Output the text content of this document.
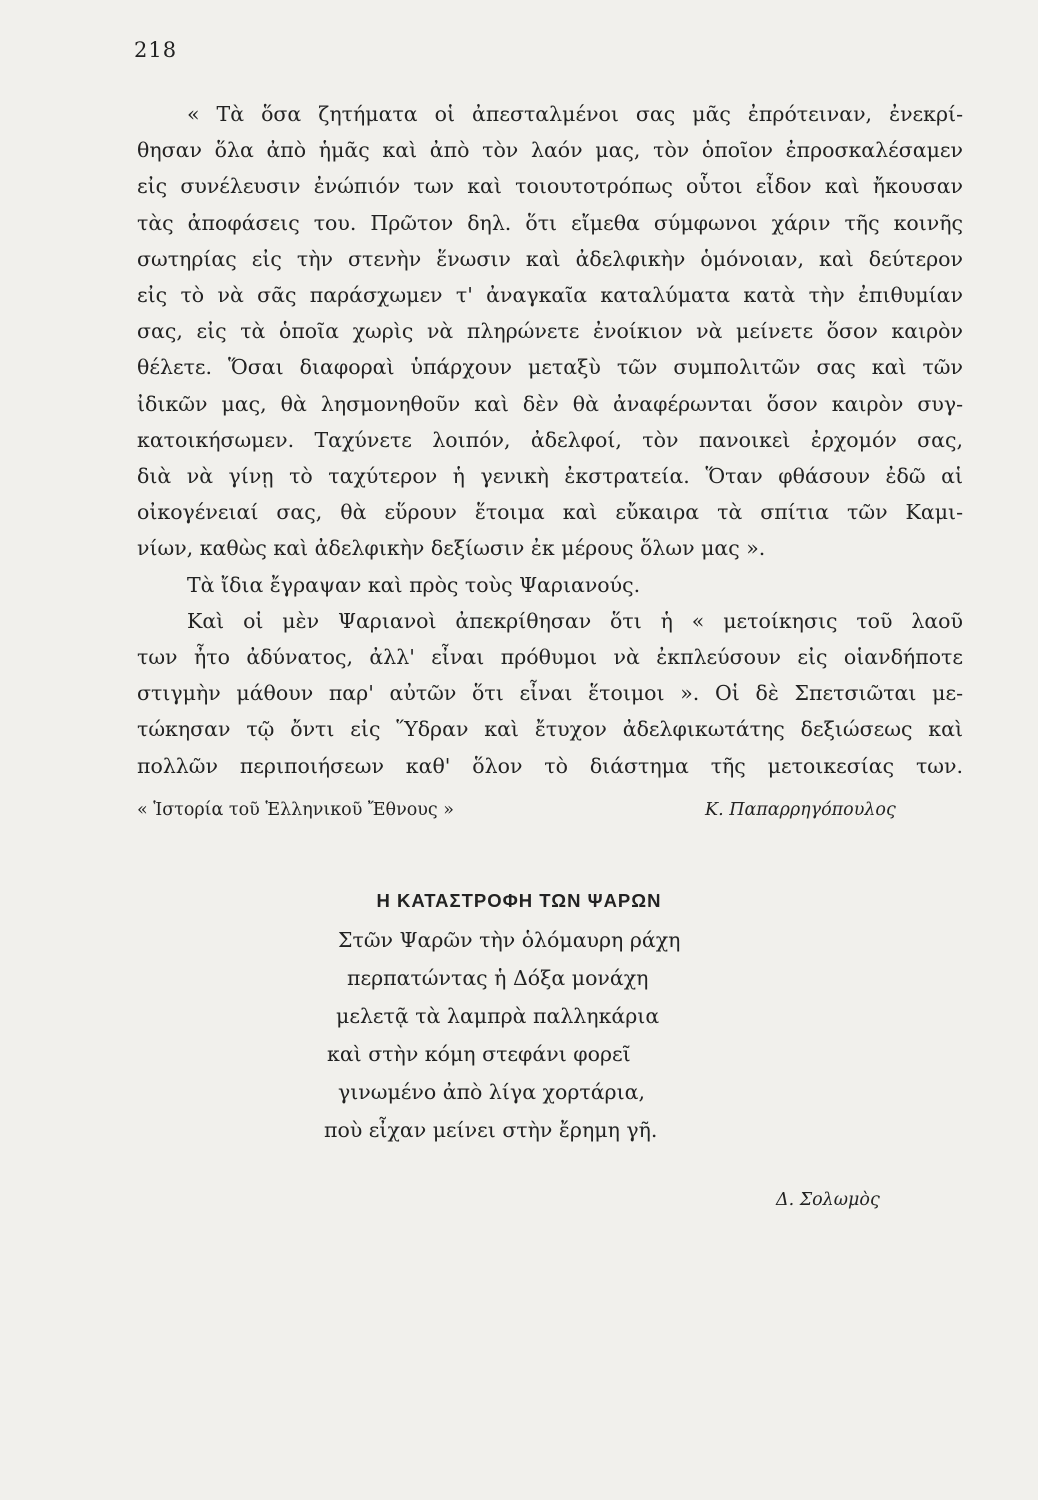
218
« Τὰ ὅσα ζητήματα οἱ ἀπεσταλμένοι σας μᾶς ἐπρότειναν, ἐνεκρί-
θησαν ὅλα ἀπὸ ἡμᾶς καὶ ἀπὸ τὸν λαόν μας, τὸν ὁποῖον ἐπροσκαλέσαμεν
εἰς συνέλευσιν ἐνώπιόν των καὶ τοιουτοτρόπως οὗτοι εἶδον καὶ ἤκουσαν
τὰς ἀποφάσεις του. Πρῶτον δηλ. ὅτι εἴμεθα σύμφωνοι χάριν τῆς κοινῆς
σωτηρίας εἰς τὴν στενὴν ἕνωσιν καὶ ἀδελφικὴν ὁμόνοιαν, καὶ δεύτερον
εἰς τὸ νὰ σᾶς παράσχωμεν τ' ἀναγκαῖα καταλύματα κατὰ τὴν ἐπιθυμίαν
σας, εἰς τὰ ὁποῖα χωρὶς νὰ πληρώνετε ἐνοίκιον νὰ μείνετε ὅσον καιρὸν
θέλετε. Ὅσαι διαφοραὶ ὑπάρχουν μεταξὺ τῶν συμπολιτῶν σας καὶ τῶν
ἰδικῶν μας, θὰ λησμονηθοῦν καὶ δὲν θὰ ἀναφέρωνται ὅσον καιρὸν συγ-
κατοικήσωμεν. Ταχύνετε λοιπόν, ἀδελφοί, τὸν πανοικεὶ ἐρχομόν σας,
διὰ νὰ γίνῃ τὸ ταχύτερον ἡ γενικὴ ἐκστρατεία. Ὅταν φθάσουν ἐδῶ αἱ
οἰκογένειαί σας, θὰ εὕρουν ἕτοιμα καὶ εὔκαιρα τὰ σπίτια τῶν Καμι-
νίων, καθὼς καὶ ἀδελφικὴν δεξίωσιν ἐκ μέρους ὅλων μας ».
Τὰ ἴδια ἔγραψαν καὶ πρὸς τοὺς Ψαριανούς.
Καὶ οἱ μὲν Ψαριανοὶ ἀπεκρίθησαν ὅτι ἡ « μετοίκησις τοῦ λαοῦ
των ἦτο ἀδύνατος, ἀλλ' εἶναι πρόθυμοι νὰ ἐκπλεύσουν εἰς οἱανδήποτε
στιγμὴν μάθουν παρ' αὐτῶν ὅτι εἶναι ἕτοιμοι ». Οἱ δὲ Σπετσιῶται με-
τώκησαν τῷ ὄντι εἰς Ὕδραν καὶ ἔτυχον ἀδελφικωτάτης δεξιώσεως καὶ
πολλῶν περιποιήσεων καθ' ὅλον τὸ διάστημα τῆς μετοικεσίας των.
« Ἱστορία τοῦ Ἑλληνικοῦ Ἔθνους »	Κ. Παπαρρηγόπουλος
Η ΚΑΤΑΣΤΡΟΦΗ ΤΩΝ ΨΑΡΩΝ
Στῶν Ψαρῶν τὴν ὁλόμαυρη ράχη
περπατώντας ἡ Δόξα μονάχη
μελετᾷ τὰ λαμπρὰ παλληκάρια
καὶ στὴν κόμη στεφάνι φορεῖ
γινωμένο ἀπὸ λίγα χορτάρια,
ποὺ εἶχαν μείνει στὴν ἔρημη γῆ.
Δ. Σολωμὸς
